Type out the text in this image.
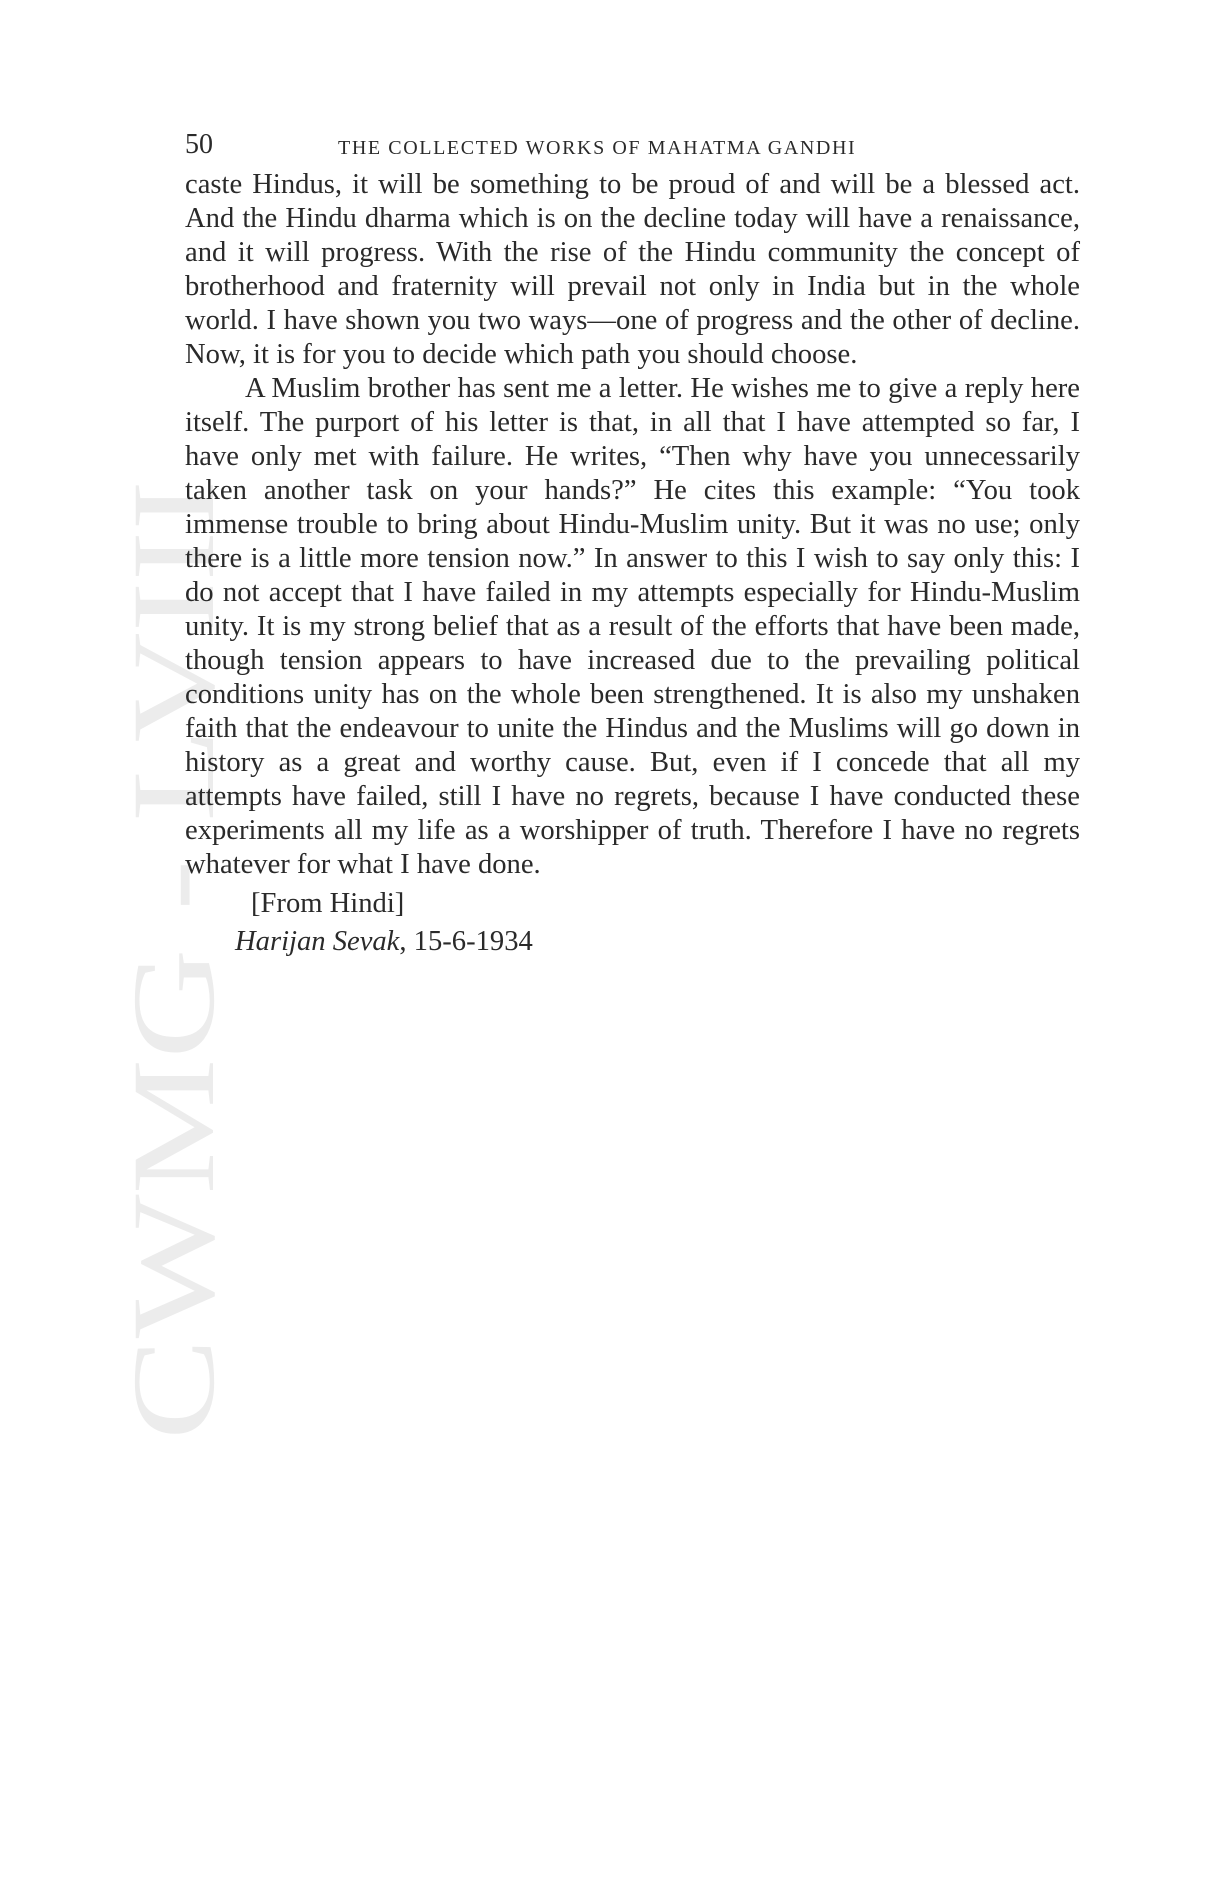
CWMG - LVIII
50	THE COLLECTED WORKS OF MAHATMA GANDHI

caste Hindus, it will be something to be proud of and will be a blessed act. And the Hindu dharma which is on the decline today will have a renaissance, and it will progress. With the rise of the Hindu community the concept of brotherhood and fraternity will prevail not only in India but in the whole world. I have shown you two ways—one of progress and the other of decline. Now, it is for you to decide which path you should choose.

A Muslim brother has sent me a letter. He wishes me to give a reply here itself. The purport of his letter is that, in all that I have attempted so far, I have only met with failure. He writes, “Then why have you unnecessarily taken another task on your hands?” He cites this example: “You took immense trouble to bring about Hindu-Muslim unity. But it was no use; only there is a little more tension now.” In answer to this I wish to say only this: I do not accept that I have failed in my attempts especially for Hindu-Muslim unity. It is my strong belief that as a result of the efforts that have been made, though tension appears to have increased due to the prevailing political conditions unity has on the whole been strengthened. It is also my unshaken faith that the endeavour to unite the Hindus and the Muslims will go down in history as a great and worthy cause. But, even if I concede that all my attempts have failed, still I have no regrets, because I have conducted these experiments all my life as a worshipper of truth. Therefore I have no regrets whatever for what I have done.

[From Hindi]
Harijan Sevak, 15-6-1934
